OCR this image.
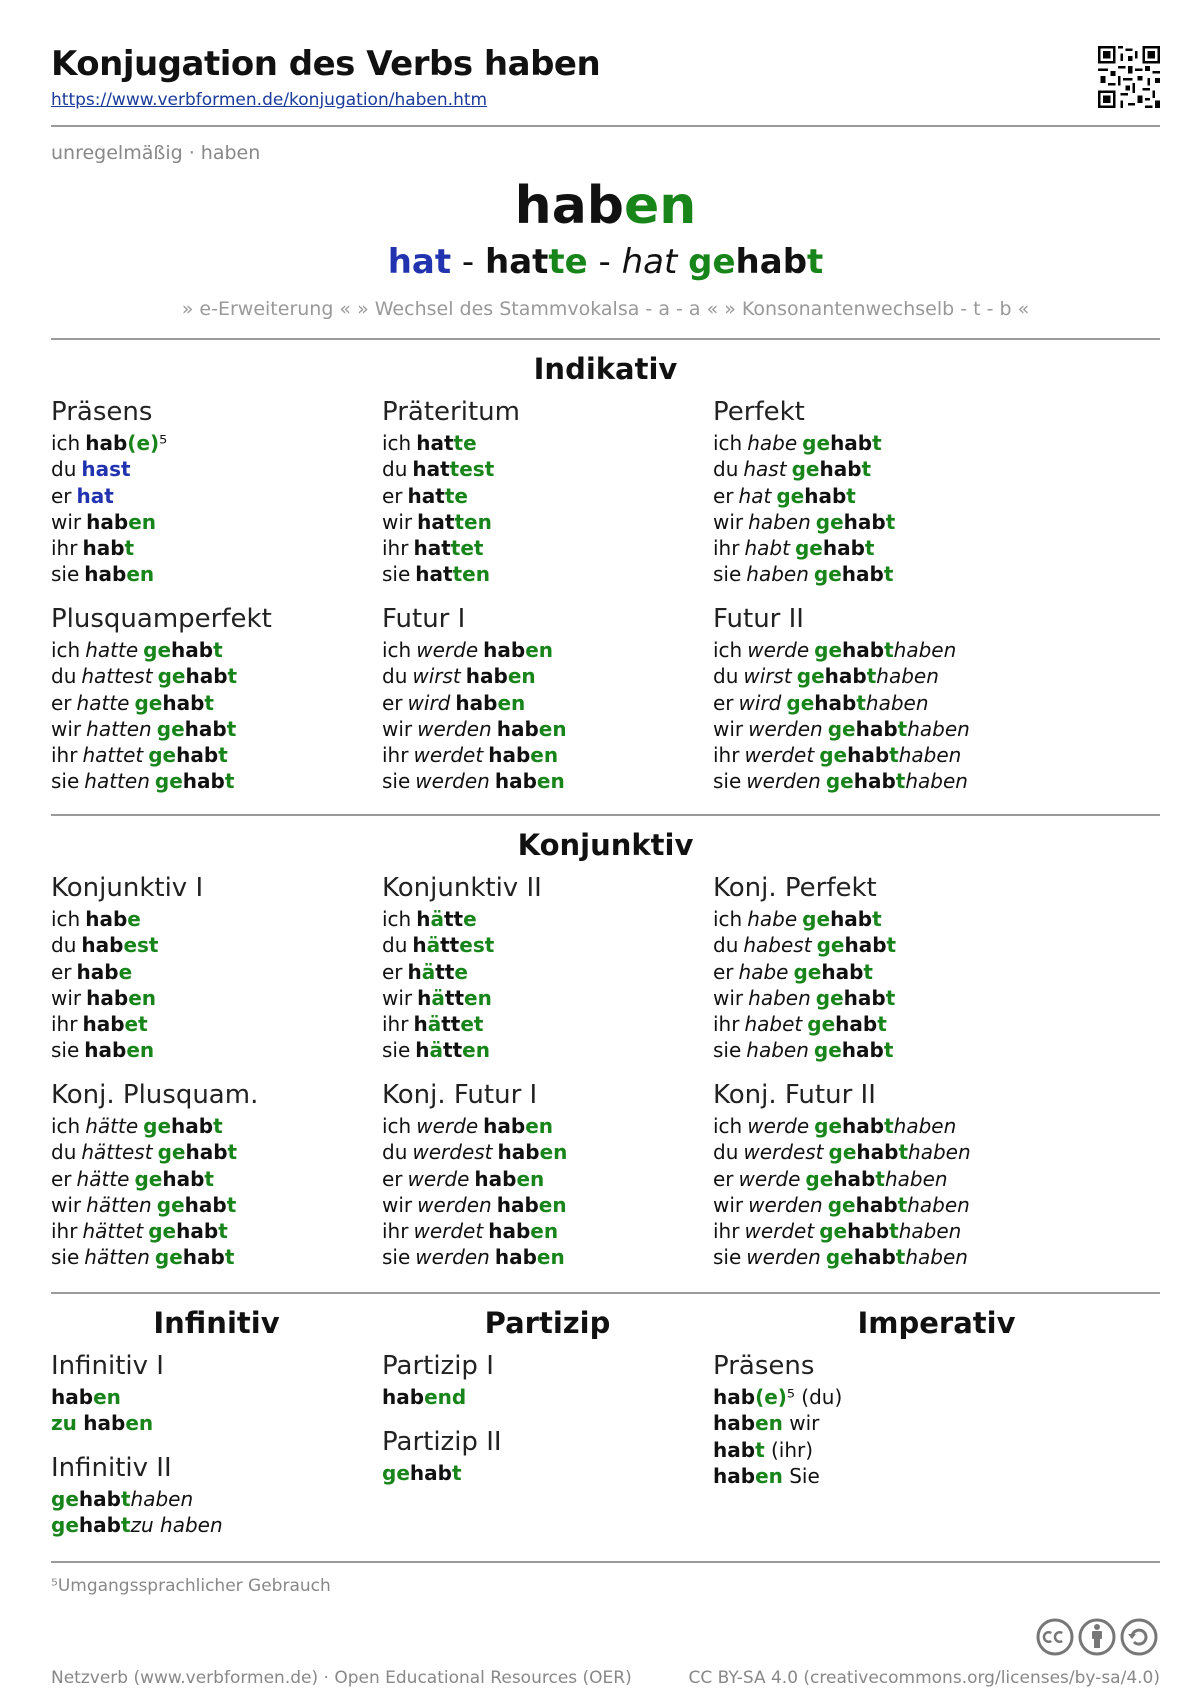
Konjugation des Verbs haben
https://www.verbformen.de/konjugation/haben.htm
unregelmäßig · haben
haben
hat - hatte - hat gehabt
» e-Erweiterung « » Wechsel des Stammvokalsa - a - a « » Konsonantenwechselb - t - b «
Indikativ
Präsens
ich hab(e)⁵
du hast
er hat
wir haben
ihr habt
sie haben
Präteritum
ich hatte
du hattest
er hatte
wir hatten
ihr hattet
sie hatten
Perfekt
ich habe gehabt
du hast gehabt
er hat gehabt
wir haben gehabt
ihr habt gehabt
sie haben gehabt
Plusquamperfekt
ich hatte gehabt
du hattest gehabt
er hatte gehabt
wir hatten gehabt
ihr hattet gehabt
sie hatten gehabt
Futur I
ich werde haben
du wirst haben
er wird haben
wir werden haben
ihr werdet haben
sie werden haben
Futur II
ich werde gehabthaben
du wirst gehabthaben
er wird gehabthaben
wir werden gehabthaben
ihr werdet gehabthaben
sie werden gehabthaben
Konjunktiv
Konjunktiv I
ich habe
du habest
er habe
wir haben
ihr habet
sie haben
Konjunktiv II
ich hätte
du hättest
er hätte
wir hätten
ihr hättet
sie hätten
Konj. Perfekt
ich habe gehabt
du habest gehabt
er habe gehabt
wir haben gehabt
ihr habet gehabt
sie haben gehabt
Konj. Plusquam.
ich hätte gehabt
du hättest gehabt
er hätte gehabt
wir hätten gehabt
ihr hättet gehabt
sie hätten gehabt
Konj. Futur I
ich werde haben
du werdest haben
er werde haben
wir werden haben
ihr werdet haben
sie werden haben
Konj. Futur II
ich werde gehabthaben
du werdest gehabthaben
er werde gehabthaben
wir werden gehabthaben
ihr werdet gehabthaben
sie werden gehabthaben
Infinitiv	Partizip	Imperativ
Infinitiv I
haben
zu haben
Infinitiv II
gehabthaben
gehabtzu haben
Partizip I
habend
Partizip II
gehabt
Präsens
hab(e)⁵ (du)
haben wir
habt (ihr)
haben Sie
⁵Umgangssprachlicher Gebrauch
Netzverb (www.verbformen.de) · Open Educational Resources (OER)	CC BY-SA 4.0 (creativecommons.org/licenses/by-sa/4.0)
